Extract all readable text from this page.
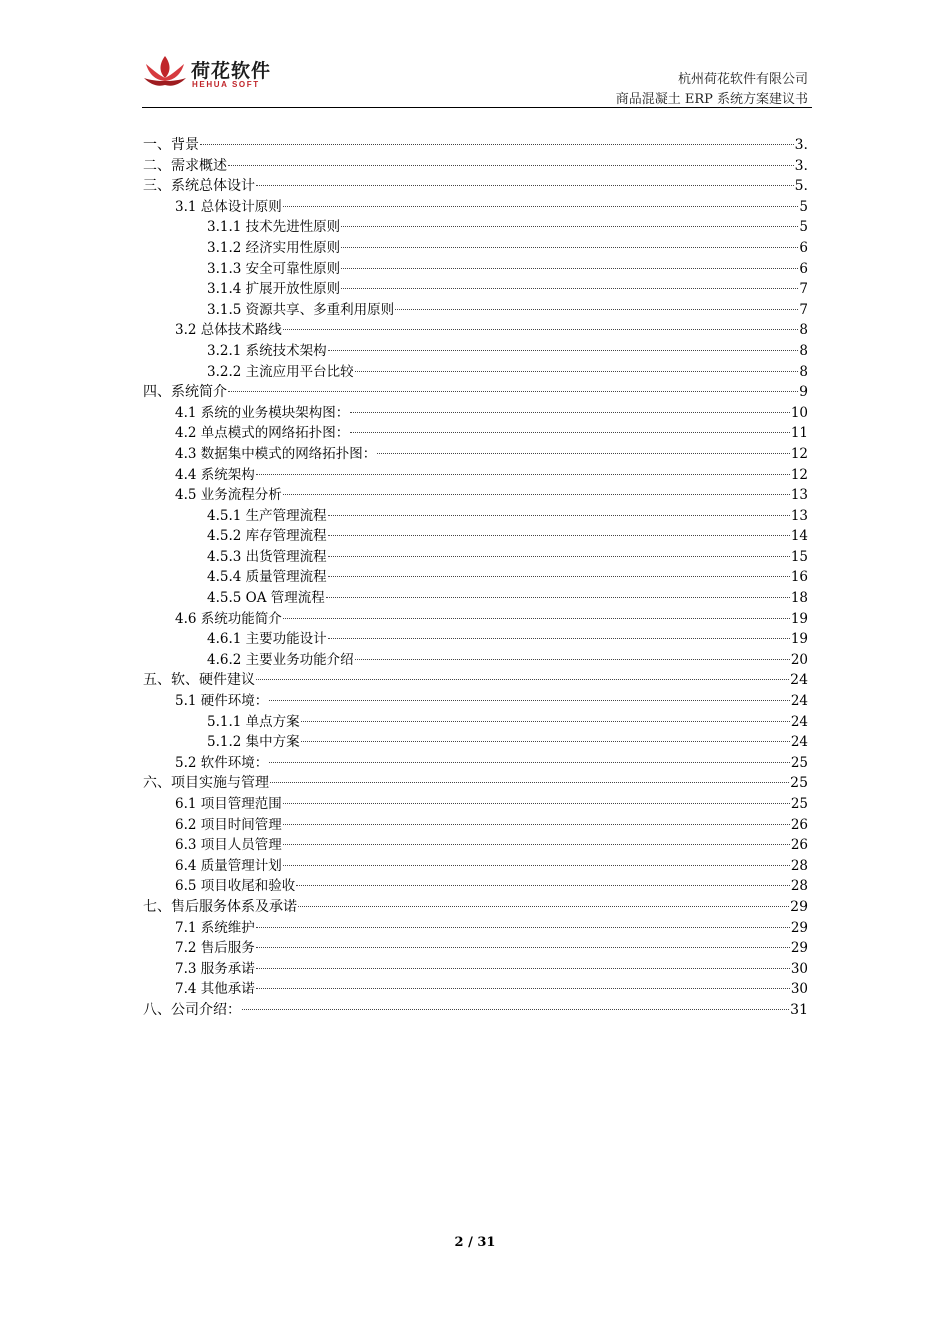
荷花软件
HEHUA SOFT	杭州荷花软件有限公司
商品混凝土 ERP 系统方案建议书
一、背景	3.
二、需求概述	3.
三、系统总体设计	5.
3.1 总体设计原则	5
3.1.1 技术先进性原则	5
3.1.2 经济实用性原则	6
3.1.3 安全可靠性原则	6
3.1.4 扩展开放性原则	7
3.1.5 资源共享、多重利用原则	7
3.2 总体技术路线	8
3.2.1 系统技术架构	8
3.2.2 主流应用平台比较	8
四、系统简介	9
4.1 系统的业务模块架构图：	10
4.2 单点模式的网络拓扑图：	11
4.3 数据集中模式的网络拓扑图：	12
4.4 系统架构	12
4.5 业务流程分析	13
4.5.1 生产管理流程	13
4.5.2 库存管理流程	14
4.5.3 出货管理流程	15
4.5.4 质量管理流程	16
4.5.5 OA 管理流程	18
4.6 系统功能简介	19
4.6.1 主要功能设计	19
4.6.2 主要业务功能介绍	20
五、软、硬件建议	24
5.1 硬件环境：	24
5.1.1 单点方案	24
5.1.2 集中方案	24
5.2 软件环境：	25
六、项目实施与管理	25
6.1 项目管理范围	25
6.2 项目时间管理	26
6.3 项目人员管理	26
6.4 质量管理计划	28
6.5 项目收尾和验收	28
七、售后服务体系及承诺	29
7.1 系统维护	29
7.2 售后服务	29
7.3 服务承诺	30
7.4 其他承诺	30
八、公司介绍：	31
2 / 31
